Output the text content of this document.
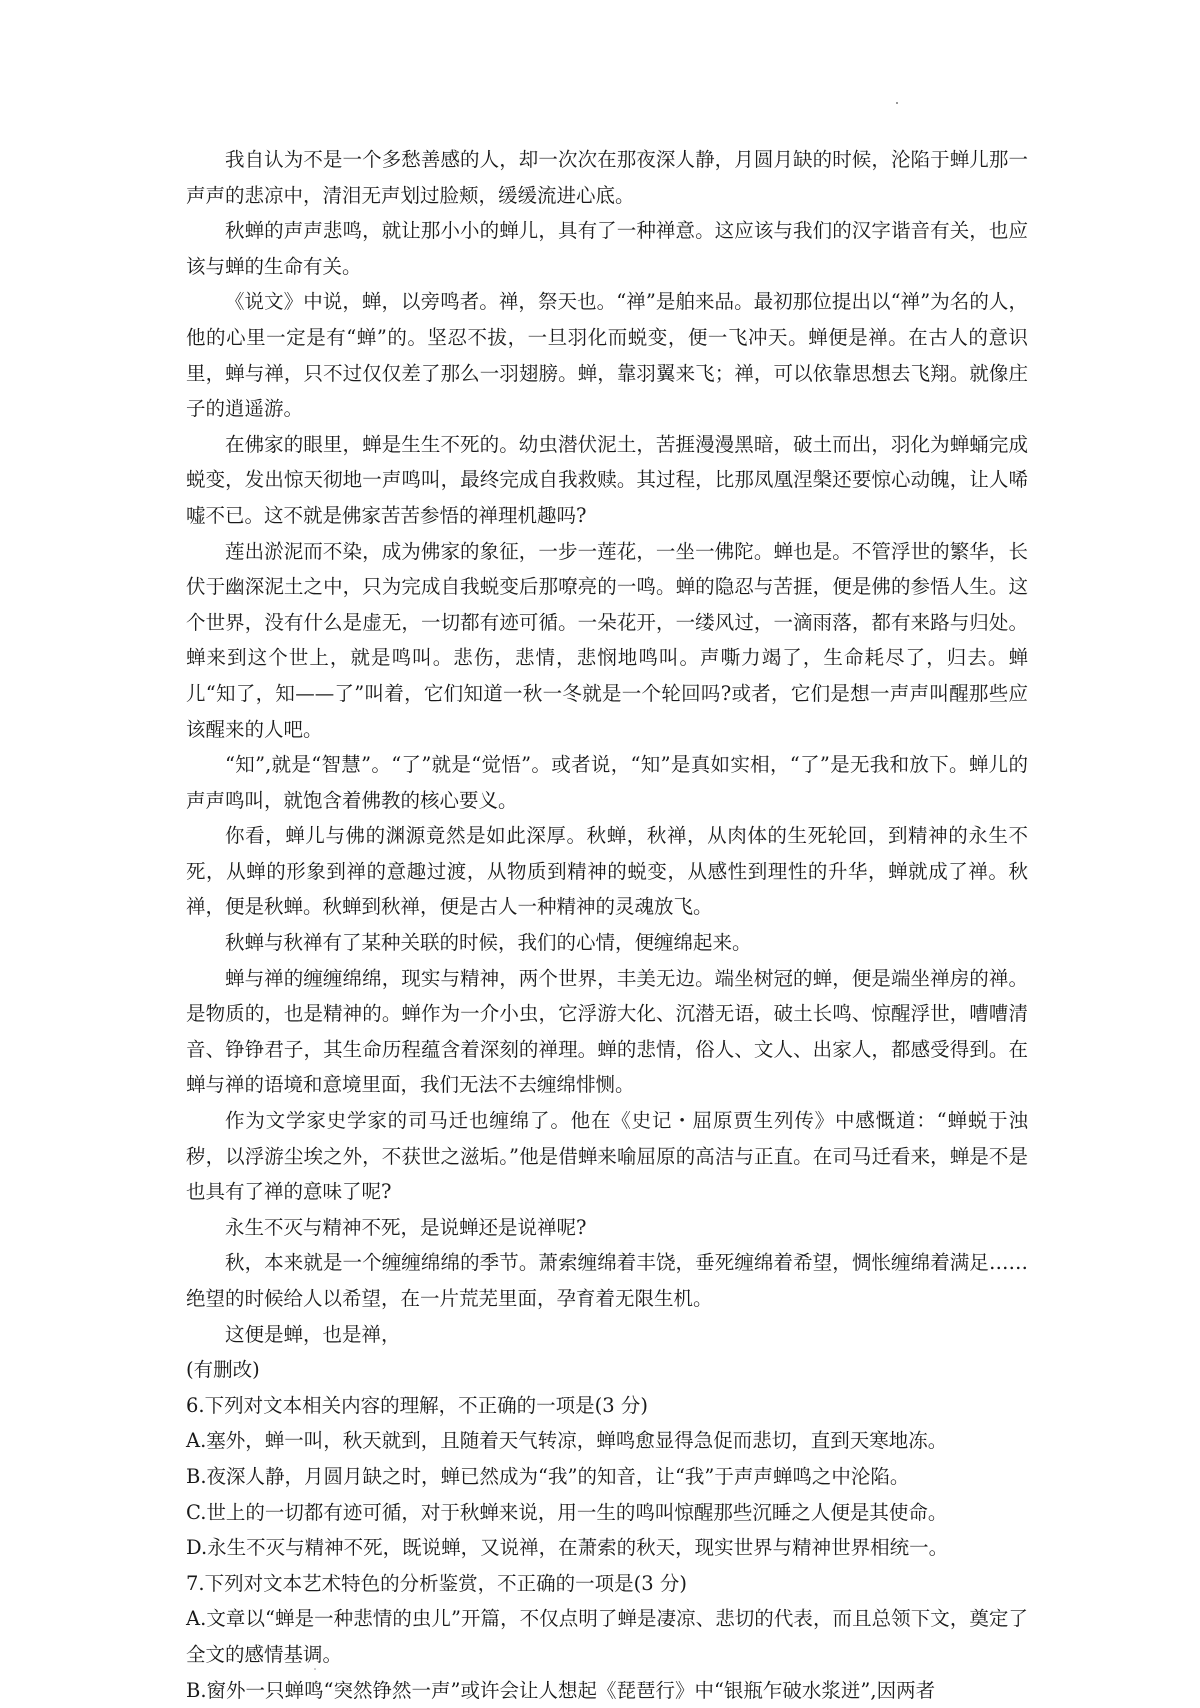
我自认为不是一个多愁善感的人，却一次次在那夜深人静，月圆月缺的时候，沦陷于蝉儿那一声声的悲凉中，清泪无声划过脸颊，缓缓流进心底。

秋蝉的声声悲鸣，就让那小小的蝉儿，具有了一种禅意。这应该与我们的汉字谐音有关，也应该与蝉的生命有关。

《说文》中说，蝉，以旁鸣者。禅，祭天也。“禅”是舶来品。最初那位提出以“禅”为名的人，他的心里一定是有“蝉”的。坚忍不拔，一旦羽化而蜕变，便一飞冲天。蝉便是禅。在古人的意识里，蝉与禅，只不过仅仅差了那么一羽翅膀。蝉，靠羽翼来飞；禅，可以依靠思想去飞翔。就像庄子的逍遥游。

在佛家的眼里，蝉是生生不死的。幼虫潜伏泥土，苦捱漫漫黑暗，破土而出，羽化为蝉蛹完成蜕变，发出惊天彻地一声鸣叫，最终完成自我救赎。其过程，比那凤凰涅槃还要惊心动魄，让人唏嘘不已。这不就是佛家苦苦参悟的禅理机趣吗?

莲出淤泥而不染，成为佛家的象征，一步一莲花，一坐一佛陀。蝉也是。不管浮世的繁华，长伏于幽深泥土之中，只为完成自我蜕变后那嘹亮的一鸣。蝉的隐忍与苦捱，便是佛的参悟人生。这个世界，没有什么是虚无，一切都有迹可循。一朵花开，一缕风过，一滴雨落，都有来路与归处。蝉来到这个世上，就是鸣叫。悲伤，悲情，悲悯地鸣叫。声嘶力竭了，生命耗尽了，归去。蝉儿“知了，知——了”叫着，它们知道一秋一冬就是一个轮回吗?或者，它们是想一声声叫醒那些应该醒来的人吧。

“知”,就是“智慧”。“了”就是“觉悟”。或者说，“知”是真如实相，“了”是无我和放下。蝉儿的声声鸣叫，就饱含着佛教的核心要义。

你看，蝉儿与佛的渊源竟然是如此深厚。秋蝉，秋禅，从肉体的生死轮回，到精神的永生不死，从蝉的形象到禅的意趣过渡，从物质到精神的蜕变，从感性到理性的升华，蝉就成了禅。秋禅，便是秋蝉。秋蝉到秋禅，便是古人一种精神的灵魂放飞。

秋蝉与秋禅有了某种关联的时候，我们的心情，便缠绵起来。

蝉与禅的缠缠绵绵，现实与精神，两个世界，丰美无边。端坐树冠的蝉，便是端坐禅房的禅。是物质的，也是精神的。蝉作为一介小虫，它浮游大化、沉潜无语，破土长鸣、惊醒浮世，嘈嘈清音、铮铮君子，其生命历程蕴含着深刻的禅理。蝉的悲情，俗人、文人、出家人，都感受得到。在蝉与禅的语境和意境里面，我们无法不去缠绵悱恻。

作为文学家史学家的司马迁也缠绵了。他在《史记・屈原贾生列传》中感慨道：“蝉蜕于浊秽，以浮游尘埃之外，不获世之滋垢。”他是借蝉来喻屈原的高洁与正直。在司马迁看来，蝉是不是也具有了禅的意味了呢?

永生不灭与精神不死，是说蝉还是说禅呢?

秋，本来就是一个缠缠绵绵的季节。萧索缠绵着丰饶，垂死缠绵着希望，惆怅缠绵着满足……绝望的时候给人以希望，在一片荒芜里面，孕育着无限生机。

这便是蝉，也是禅，

(有删改)

6.下列对文本相关内容的理解，不正确的一项是(3 分)

A.塞外，蝉一叫，秋天就到，且随着天气转凉，蝉鸣愈显得急促而悲切，直到天寒地冻。

B.夜深人静，月圆月缺之时，蝉已然成为“我”的知音，让“我”于声声蝉鸣之中沦陷。

C.世上的一切都有迹可循，对于秋蝉来说，用一生的鸣叫惊醒那些沉睡之人便是其使命。

D.永生不灭与精神不死，既说蝉，又说禅，在萧索的秋天，现实世界与精神世界相统一。

7.下列对文本艺术特色的分析鉴赏，不正确的一项是(3 分)

A.文章以“蝉是一种悲情的虫儿”开篇，不仅点明了蝉是凄凉、悲切的代表，而且总领下文，奠定了全文的感情基调。

B.窗外一只蝉鸣“突然铮然一声”或许会让人想起《琵琶行》中“银瓶乍破水浆迸”,因两者
